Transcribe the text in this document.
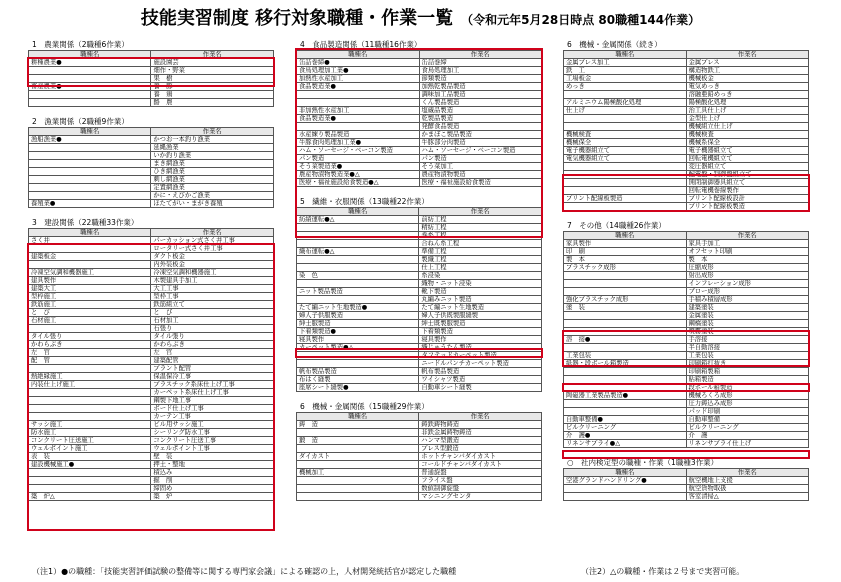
技能実習制度 移行対象職種・作業一覧 （令和元年5月28日時点 80職種144作業）
1　農業関係（2職種6作業）
職種名	作業名
耕種農業●	施設園芸
	畑作・野菜
	果　樹
畜産農業●	養　豚
	養　鶏
	酪　農
2　漁業関係（2職種9作業）
職種名	作業名
漁船漁業●	かつお一本釣り漁業
	延縄漁業
	いか釣り漁業
	まき網漁業
	ひき網漁業
	刺し網漁業
	定置網漁業
	かに・えびかご漁業
養殖業●	ほたてがい・まがき養殖
3　建設関係（22職種33作業）
職種名	作業名
さく井	パーカッション式さく井工事
	ロータリー式さく井工事
建築板金	ダクト板金
	内外装板金
冷凍空気調和機器施工	冷凍空気調和機器施工
建具製作	木製建具手加工
建築大工	大工工事
型枠施工	型枠工事
鉄筋施工	鉄筋組立て
と　び	と　び
石材施工	石材加工
	石張り
タイル張り	タイル張り
かわらぶき	かわらぶき
左　官	左　官
配　管	建築配管
	プラント配管
熱絶縁施工	保温保冷工事
内装仕上げ施工	プラスチック系床仕上げ工事
	カーペット系床仕上げ工事
	鋼製下地工事
	ボード仕上げ工事
	カーテン工事
サッシ施工	ビル用サッシ施工
防水施工	シーリング防水工事
コンクリート圧送施工	コンクリート圧送工事
ウェルポイント施工	ウェルポイント工事
表　装	壁　装
建設機械施工●	押土・整地
	積込み
	掘　削
	締固め
築　炉△	築　炉
4　食品製造関係（11職種16作業）
職種名	作業名
缶詰巻締●	缶詰巻締
食鳥処理加工業●	食鳥処理加工
加熱性水産加工	節類製造
食品製造業●	加熱乾製品製造
	調味加工品製造
	くん製品製造
非加熱性水産加工	塩蔵品製造
食品製造業●	乾製品製造
	発酵食品製造
水産練り製品製造	かまぼこ製品製造
牛豚食肉処理加工業●	牛豚部分肉製造
ハム・ソーセージ・ベーコン製造	ハム・ソーセージ・ベーコン製造
パン製造	パン製造
そう菜製造業●	そう菜加工
農産物漬物製造業●△	農産物漬物製造
医療・福祉施設給食製造●△	医療・福祉施設給食製造
5　繊維・衣服関係（13職種22作業）
職種名	作業名
紡績運転●△	前紡工程
	精紡工程
	巻糸工程
	合ねん糸工程
織布運転●△	準備工程
	製織工程
	仕上工程
染　色	糸浸染
	織物・ニット浸染
ニット製品製造	靴下製造
	丸編みニット製造
たて編ニット生地製造●	たて編ニット生地製造
婦人子供服製造	婦人子供既製服縫製
紳士服製造	紳士既製服製造
下着類製造●	下着類製造
寝具製作	寝具製作
カーペット製造●△	織じゅうたん製造
	タフテッドカーペット製造
	ニードルパンチカーペット製造
帆布製品製造	帆布製品製造
布はく縫製	ワイシャツ製造
座席シート縫製●	自動車シート縫製
6　機械・金属関係（15職種29作業）
職種名	作業名
鋳　造	鋳鉄鋳物鋳造
	非鉄金属鋳物鋳造
鍛　造	ハンマ型鍛造
	プレス型鍛造
ダイカスト	ホットチャンバダイカスト
	コールドチャンバダイカスト
機械加工	普通旋盤
	フライス盤
	数値制御旋盤
	マシニングセンタ
6　機械・金属関係（続き）
職種名	作業名
金属プレス加工	金属プレス
鉄　工	構造物鉄工
工場板金	機械板金
めっき	電気めっき
	溶融亜鉛めっき
アルミニウム陽極酸化処理	陽極酸化処理
仕上げ	治工具仕上げ
	金型仕上げ
	機械組立仕上げ
機械検査	機械検査
機械保全	機械系保全
電子機器組立て	電子機器組立て
電気機器組立て	回転電機組立て
	変圧器組立て
	配電盤・制御盤組立て
	開閉制御器具組立て
	回転電機巻線製作
プリント配線板製造	プリント配線板設計
	プリント配線板製造
7　その他（14職種26作業）
職種名	作業名
家具製作	家具手加工
印　刷	オフセット印刷
製　本	製　本
プラスチック成形	圧縮成形
	射出成形
	インフレーション成形
	ブロー成形
強化プラスチック成形	手積み積層成形
塗　装	建築塗装
	金属塗装
	鋼橋塗装
	噴霧塗装
溶　接●	手溶接
	半自動溶接
工業包装	工業包装
紙器・段ボール箱製造	印刷箱打抜き
	印刷箱製箱
	貼箱製造
	段ボール箱製造
陶磁器工業製品製造●	機械ろくろ成形
	圧力鋳込み成形
	パッド印刷
自動車整備●	自動車整備
ビルクリーニング	ビルクリーニング
介　護●	介　護
リネンサプライ●△	リネンサプライ仕上げ
○　社内検定型の職種・作業（1職種3作業）
職種名	作業名
空港グランドハンドリング●	航空機地上支援
	航空貨物取扱
	客室清掃△
（注1）●の職種：「技能実習評価試験の整備等に関する専門家会議」による確認の上，人材開発統括官が認定した職種	（注2）△の職種・作業は２号まで実習可能。
